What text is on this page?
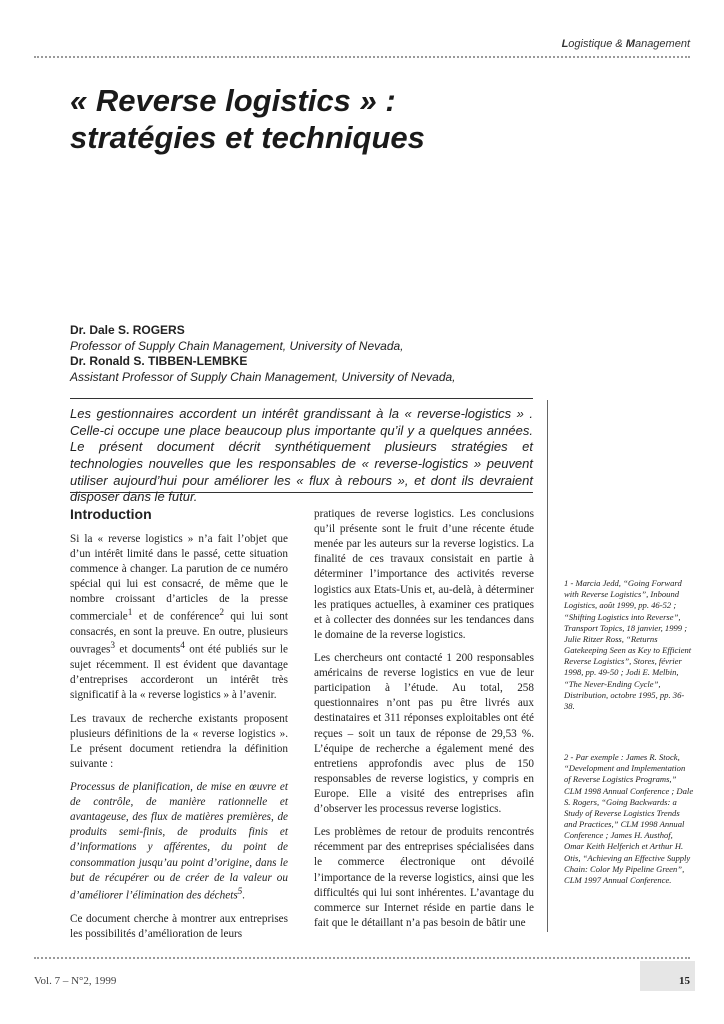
Logistique & Management
« Reverse logistics » :
stratégies et techniques
Dr. Dale S. ROGERS
Professor of Supply Chain Management, University of Nevada,
Dr. Ronald S. TIBBEN-LEMBKE
Assistant Professor of Supply Chain Management, University of Nevada,
Les gestionnaires accordent un intérêt grandissant à la « reverse-logistics » . Celle-ci occupe une place beaucoup plus importante qu’il y a quelques années. Le présent document décrit synthétiquement plusieurs stratégies et technologies nouvelles que les responsables de « reverse-logistics » peuvent utiliser aujourd’hui pour améliorer les « flux à rebours », et dont ils devraient disposer dans le futur.
Introduction

Si la « reverse logistics » n’a fait l’objet que d’un intérêt limité dans le passé, cette situation commence à changer. La parution de ce numéro spécial qui lui est consacré, de même que le nombre croissant d’articles de la presse commerciale$^1$ et de conférence$^2$ qui lui sont consacrés, en sont la preuve. En outre, plusieurs ouvrages$^3$ et documents$^4$ ont été publiés sur le sujet récemment. Il est évident que davantage d’entreprises accorderont un intérêt très significatif à la « reverse logistics » à l’avenir.

Les travaux de recherche existants proposent plusieurs définitions de la « reverse logistics ». Le présent document retiendra la définition suivante :

Processus de planification, de mise en œuvre et de contrôle, de manière rationnelle et avantageuse, des flux de matières premières, de produits semi-finis, de produits finis et d’informations y afférentes, du point de consommation jusqu’au point d’origine, dans le but de récupérer ou de créer de la valeur ou d’améliorer l’élimination des déchets$^5$.

Ce document cherche à montrer aux entreprises les possibilités d’amélioration de leurs

pratiques de reverse logistics. Les conclusions qu’il présente sont le fruit d’une récente étude menée par les auteurs sur la reverse logistics. La finalité de ces travaux consistait en partie à déterminer l’importance des activités reverse logistics aux Etats-Unis et, au-delà, à déterminer les pratiques actuelles, à examiner ces pratiques et à collecter des données sur les tendances dans le domaine de la reverse logistics.

Les chercheurs ont contacté 1 200 responsables américains de reverse logistics en vue de leur participation à l’étude. Au total, 258 questionnaires n’ont pas pu être livrés aux destinataires et 311 réponses exploitables ont été reçues – soit un taux de réponse de 29,53 %. L’équipe de recherche a également mené des entretiens approfondis avec plus de 150 responsables de reverse logistics, y compris en Europe. Elle a visité des entreprises afin d’observer les processus reverse logistics.

Les problèmes de retour de produits rencontrés récemment par des entreprises spécialisées dans le commerce électronique ont dévoilé l’importance de la reverse logistics, ainsi que les difficultés qui lui sont inhérentes. L’avantage du commerce sur Internet réside en partie dans le fait que le détaillant n’a pas besoin de bâtir une

1 - Marcia Jedd, “Going Forward with Reverse Logistics”, Inbound Logistics, août 1999, pp. 46-52 ; “Shifting Logistics into Reverse”, Transport Topics, 18 janvier, 1999 ; Julie Ritzer Ross, “Returns Gatekeeping Seen as Key to Efficient Reverse Logistics”, Stores, février 1998, pp. 49-50 ; Jodi E. Melbin, “The Never-Ending Cycle”, Distribution, octobre 1995, pp. 36-38.
2 - Par exemple : James R. Stock, “Development and Implementation of Reverse Logistics Programs,” CLM 1998 Annual Conference ; Dale S. Rogers, “Going Backwards: a Study of Reverse Logistics Trends and Practices,” CLM 1998 Annual Conference ; James H. Austhof, Omar Keith Helferich et Arthur H. Otis, “Achieving an Effective Supply Chain: Color My Pipeline Green”, CLM 1997 Annual Conference.
Vol. 7 – N°2, 1999	15
